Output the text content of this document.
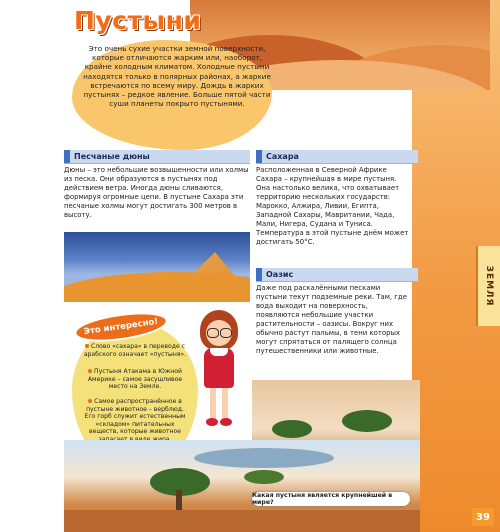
ЗЕМЛЯ
39
Пустыни
Это очень сухие участки земной поверхности, которые отличаются жарким или, наоборот, крайне холодным климатом. Холодные пустыни находятся только в полярных районах, а жаркие встречаются по всему миру. Дождь в жарких пустынях – редкое явление. Больше пятой части суши планеты покрыто пустынями.
Песчаные дюны
Дюны – это небольшие возвышенности или холмы из песка. Они образуются в пустынях под действием ветра. Иногда дюны сливаются, формируя огромные цепи. В пустыне Сахара эти песчаные холмы могут достигать 300 метров в высоту.
Это интересно!
Слово «сахара» в переводе с арабского означает «пустыня».
Пустыня Атакама в Южной Америке – самое засушливое место на Земле.
Самое распространённое в пустыне животное – верблюд. Его горб служит естественным «складом» питательных веществ, которые животное
Сахара
Расположенная в Северной Африке Сахара – крупнейшая в мире пустыня. Она настолько велика, что охватывает территорию нескольких государств: Марокко, Алжира, Ливии, Египта, Западной Сахары, Мавритании, Чада, Мали, Нигера, Судана и Туниса. Температура в этой пустыне днём может достигать 50°C.
Оазис
Даже под раскалёнными песками пустыни текут подземные реки. Там, где вода выходит на поверхность, появляются небольшие участки растительности – оазисы. Вокруг них обычно растут пальмы, в тени которых могут спрятаться от палящего солнца путешественники или животные.
Какая пустыня является крупнейшей в мире?
